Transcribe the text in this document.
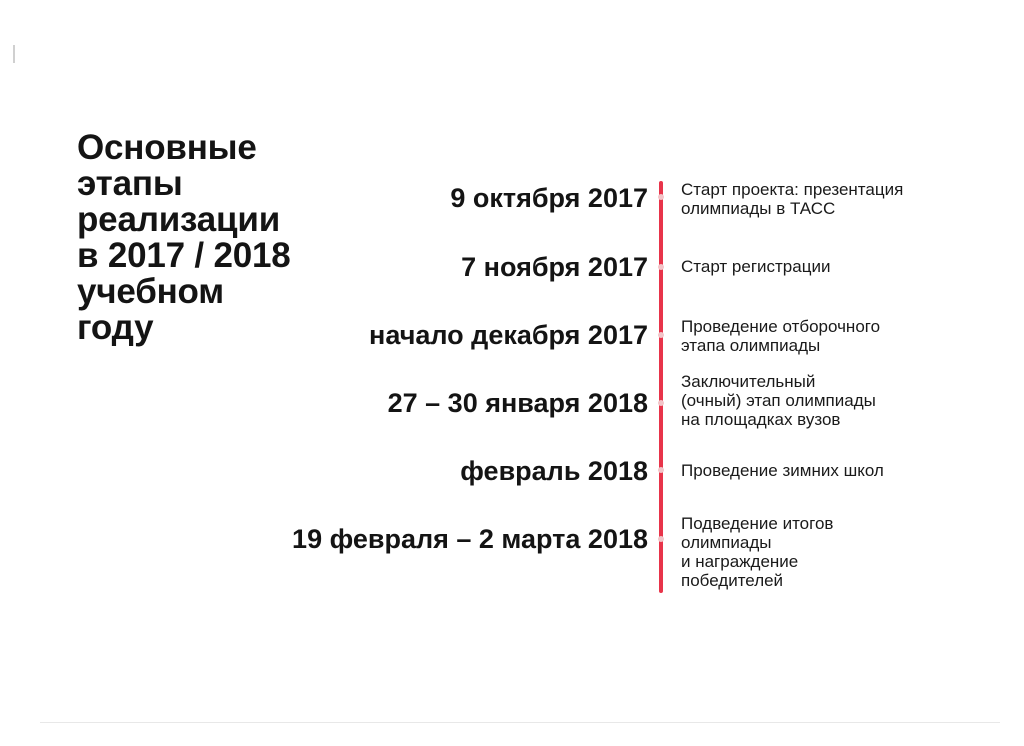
Основные
этапы
реализации
в 2017 / 2018
учебном
году
9 октября 2017 Старт проекта: презентация
олимпиады в ТАСС
7 ноября 2017 Старт регистрации
начало декабря 2017 Проведение отборочного
этапа олимпиады
27 – 30 января 2018
Заключительный
(очный) этап олимпиады
на площадках вузов
февраль 2018 Проведение зимних школ
19 февраля – 2 марта 2018
Подведение итогов
олимпиады
и награждение
победителей
